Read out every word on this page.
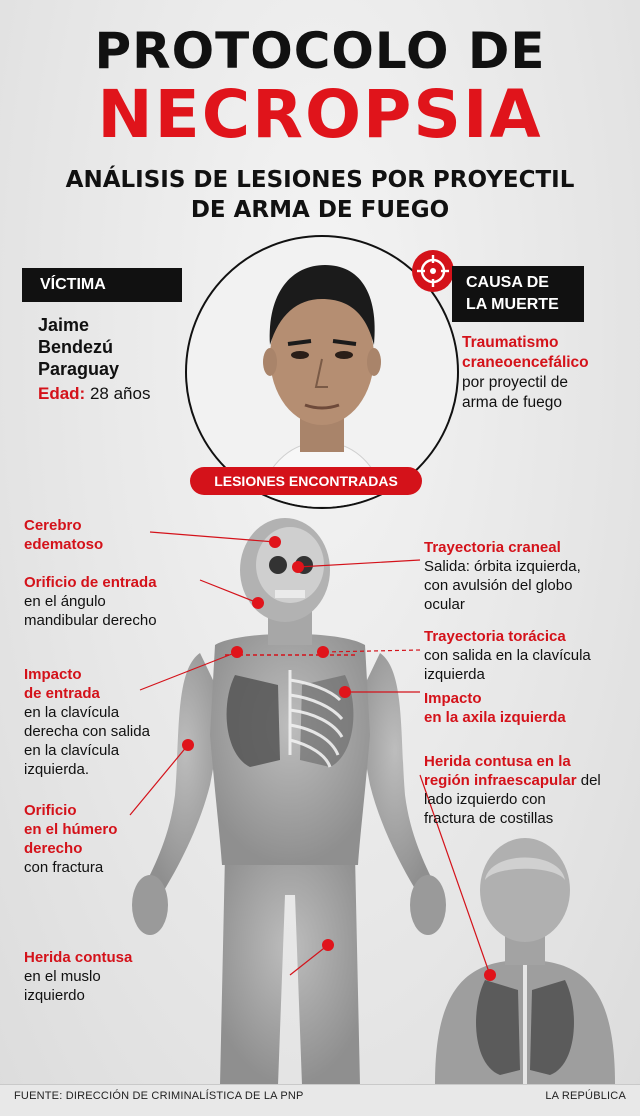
PROTOCOLO DE
NECROPSIA
ANÁLISIS DE LESIONES POR PROYECTIL
DE ARMA DE FUEGO
VÍCTIMA
Jaime
Bendezú
Paraguay
Edad: 28 años
CAUSA DE
LA MUERTE
Traumatismo
craneoencefálico
por proyectil de
arma de fuego
LESIONES ENCONTRADAS
Cerebro
edematoso
Orificio de entrada
en el ángulo
mandibular derecho
Impacto
de entrada
en la clavícula
derecha con salida
en la clavícula
izquierda.
Orificio
en el húmero
derecho
con fractura
Herida contusa
en el muslo
izquierdo
Trayectoria craneal
Salida: órbita izquierda,
con avulsión del globo
ocular
Trayectoria torácica
con salida en la clavícula
izquierda
Impacto
en la axila izquierda
Herida contusa en la
región infraescapular del
lado izquierdo con
fractura de costillas
FUENTE: DIRECCIÓN DE CRIMINALÍSTICA DE LA PNP	LA REPÚBLICA
